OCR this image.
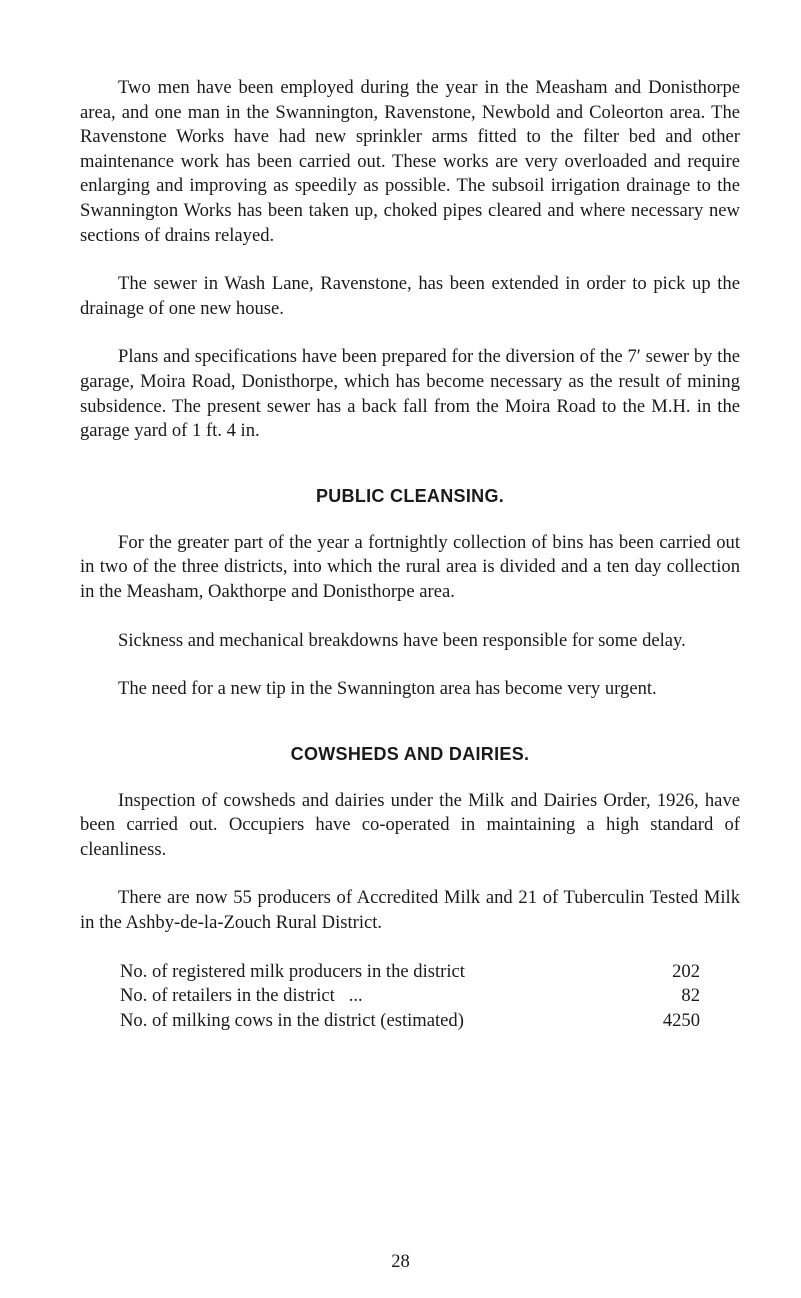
Two men have been employed during the year in the Measham and Donisthorpe area, and one man in the Swannington, Ravenstone, Newbold and Coleorton area. The Ravenstone Works have had new sprinkler arms fitted to the filter bed and other maintenance work has been carried out. These works are very overloaded and require enlarging and improving as speedily as possible. The subsoil irrigation drainage to the Swannington Works has been taken up, choked pipes cleared and where necessary new sections of drains relayed.

The sewer in Wash Lane, Ravenstone, has been extended in order to pick up the drainage of one new house.

Plans and specifications have been prepared for the diversion of the 7′ sewer by the garage, Moira Road, Donisthorpe, which has become necessary as the result of mining subsidence. The present sewer has a back fall from the Moira Road to the M.H. in the garage yard of 1 ft. 4 in.

PUBLIC CLEANSING.

For the greater part of the year a fortnightly collection of bins has been carried out in two of the three districts, into which the rural area is divided and a ten day collection in the Measham, Oakthorpe and Donisthorpe area.

Sickness and mechanical breakdowns have been responsible for some delay.

The need for a new tip in the Swannington area has become very urgent.

COWSHEDS AND DAIRIES.

Inspection of cowsheds and dairies under the Milk and Dairies Order, 1926, have been carried out. Occupiers have co-operated in maintaining a high standard of cleanliness.

There are now 55 producers of Accredited Milk and 21 of Tuberculin Tested Milk in the Ashby-de-la-Zouch Rural District.

No. of registered milk producers in the district	202
No. of retailers in the district   ...	82
No. of milking cows in the district (estimated)	4250
28
